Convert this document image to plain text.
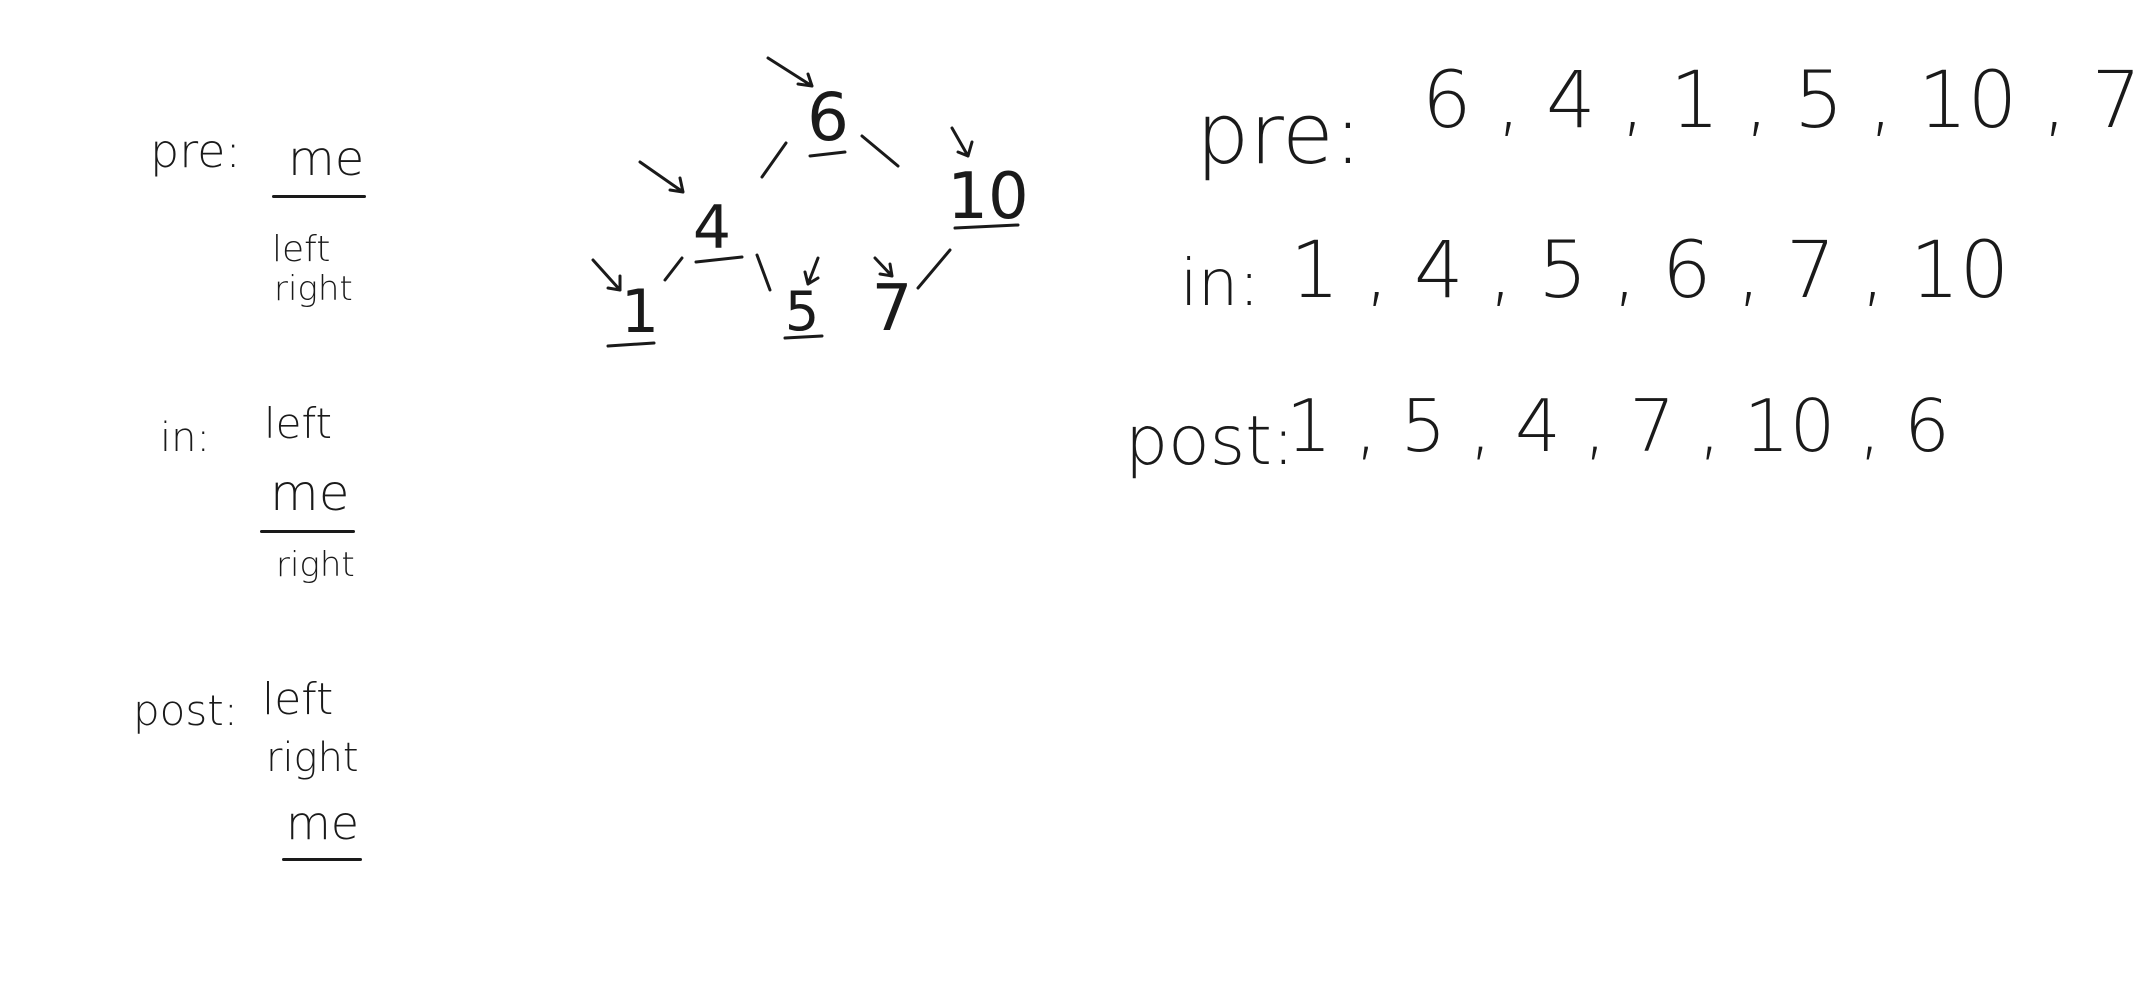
pre: me
left
right
in: left
me
right
post: left
right
me
6
4	10
1 5 7
pre: 6 , 4 , 1 , 5 , 10 , 7
in: 1 , 4 , 5 , 6 , 7 , 10
post:
1 , 5 , 4 , 7 , 10 , 6
